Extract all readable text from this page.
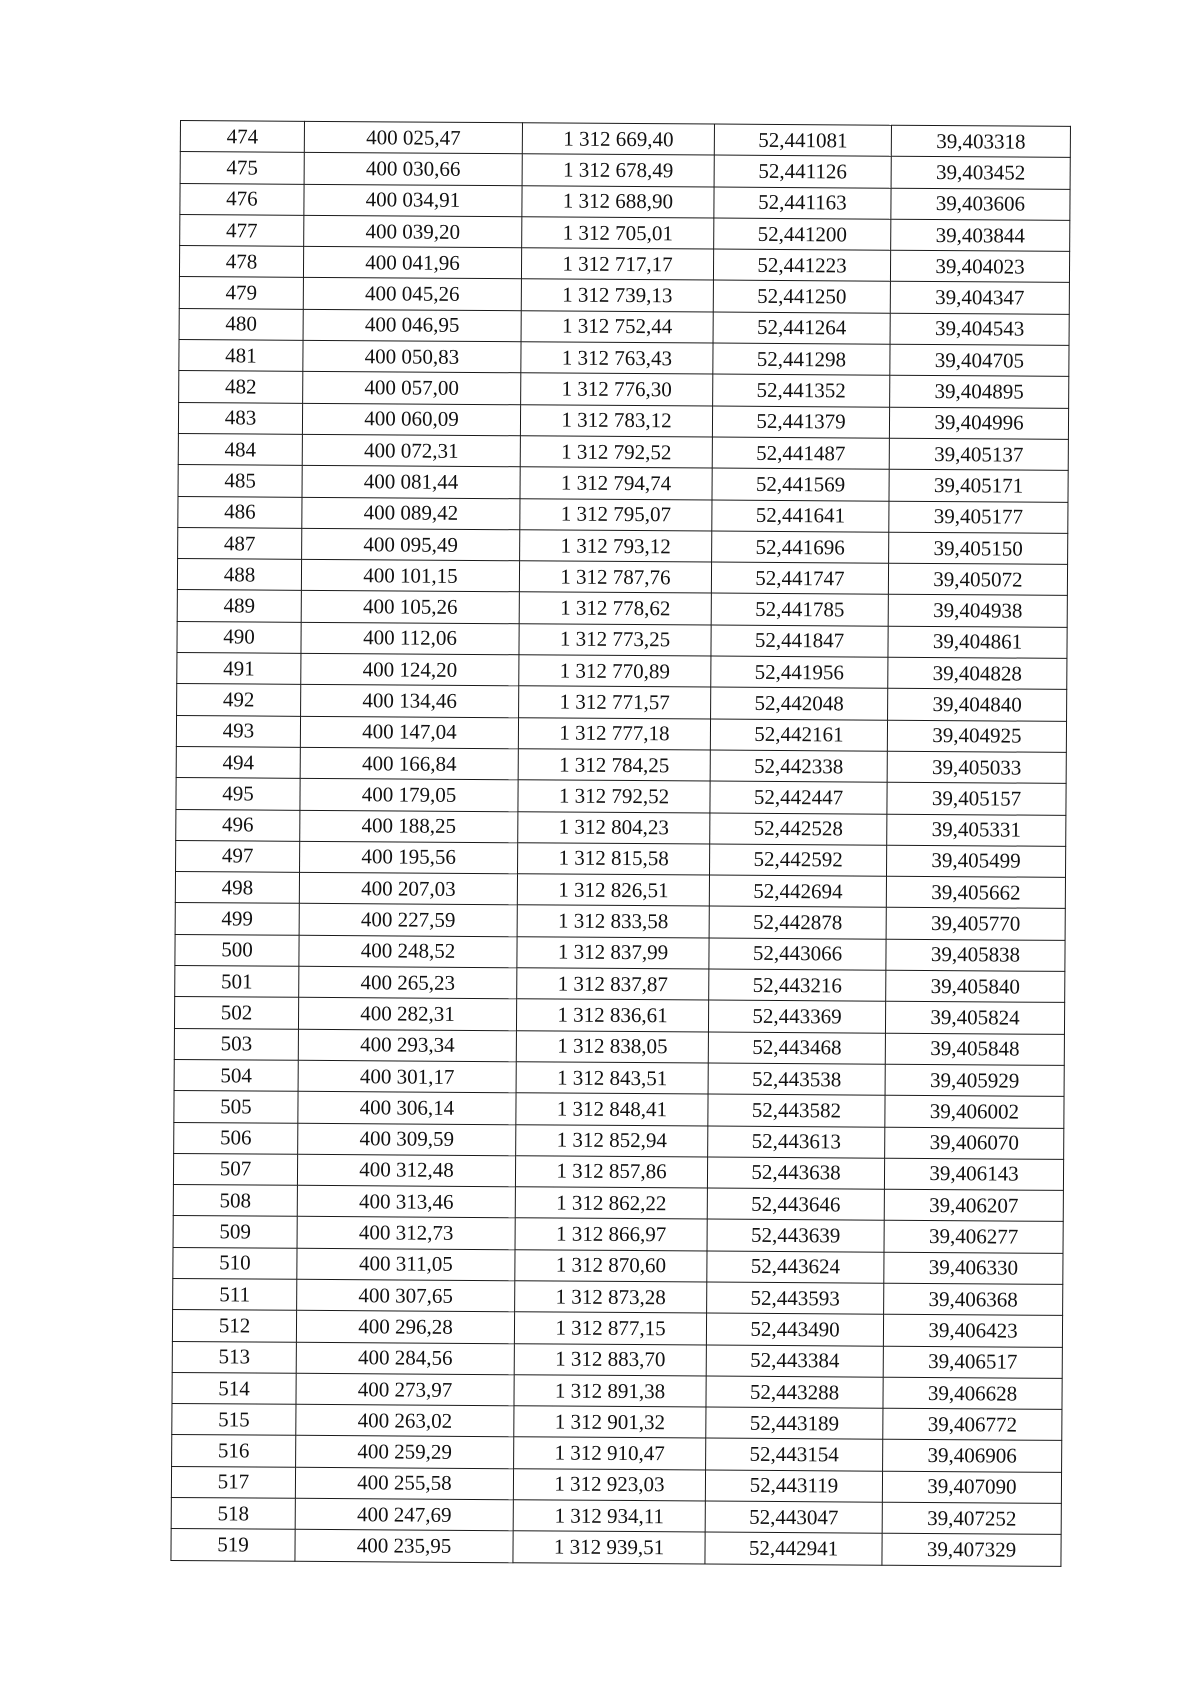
474	400 025,47	1 312 669,40	52,441081	39,403318
475	400 030,66	1 312 678,49	52,441126	39,403452
476	400 034,91	1 312 688,90	52,441163	39,403606
477	400 039,20	1 312 705,01	52,441200	39,403844
478	400 041,96	1 312 717,17	52,441223	39,404023
479	400 045,26	1 312 739,13	52,441250	39,404347
480	400 046,95	1 312 752,44	52,441264	39,404543
481	400 050,83	1 312 763,43	52,441298	39,404705
482	400 057,00	1 312 776,30	52,441352	39,404895
483	400 060,09	1 312 783,12	52,441379	39,404996
484	400 072,31	1 312 792,52	52,441487	39,405137
485	400 081,44	1 312 794,74	52,441569	39,405171
486	400 089,42	1 312 795,07	52,441641	39,405177
487	400 095,49	1 312 793,12	52,441696	39,405150
488	400 101,15	1 312 787,76	52,441747	39,405072
489	400 105,26	1 312 778,62	52,441785	39,404938
490	400 112,06	1 312 773,25	52,441847	39,404861
491	400 124,20	1 312 770,89	52,441956	39,404828
492	400 134,46	1 312 771,57	52,442048	39,404840
493	400 147,04	1 312 777,18	52,442161	39,404925
494	400 166,84	1 312 784,25	52,442338	39,405033
495	400 179,05	1 312 792,52	52,442447	39,405157
496	400 188,25	1 312 804,23	52,442528	39,405331
497	400 195,56	1 312 815,58	52,442592	39,405499
498	400 207,03	1 312 826,51	52,442694	39,405662
499	400 227,59	1 312 833,58	52,442878	39,405770
500	400 248,52	1 312 837,99	52,443066	39,405838
501	400 265,23	1 312 837,87	52,443216	39,405840
502	400 282,31	1 312 836,61	52,443369	39,405824
503	400 293,34	1 312 838,05	52,443468	39,405848
504	400 301,17	1 312 843,51	52,443538	39,405929
505	400 306,14	1 312 848,41	52,443582	39,406002
506	400 309,59	1 312 852,94	52,443613	39,406070
507	400 312,48	1 312 857,86	52,443638	39,406143
508	400 313,46	1 312 862,22	52,443646	39,406207
509	400 312,73	1 312 866,97	52,443639	39,406277
510	400 311,05	1 312 870,60	52,443624	39,406330
511	400 307,65	1 312 873,28	52,443593	39,406368
512	400 296,28	1 312 877,15	52,443490	39,406423
513	400 284,56	1 312 883,70	52,443384	39,406517
514	400 273,97	1 312 891,38	52,443288	39,406628
515	400 263,02	1 312 901,32	52,443189	39,406772
516	400 259,29	1 312 910,47	52,443154	39,406906
517	400 255,58	1 312 923,03	52,443119	39,407090
518	400 247,69	1 312 934,11	52,443047	39,407252
519	400 235,95	1 312 939,51	52,442941	39,407329
